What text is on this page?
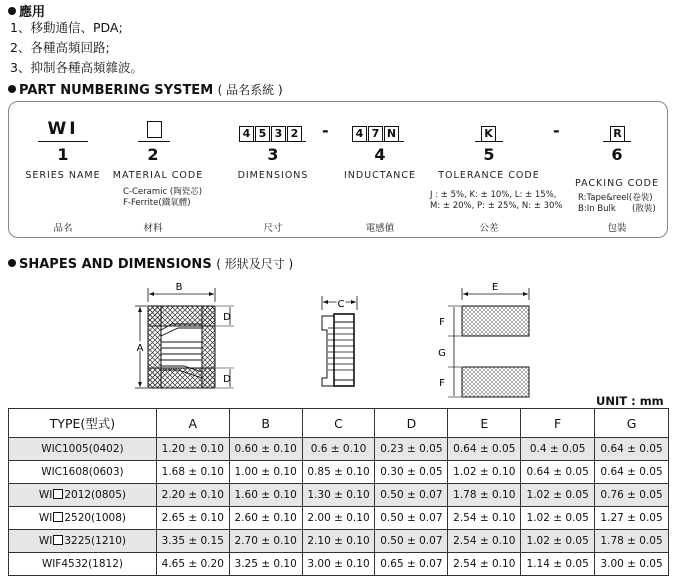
應用
1、移動通信、PDA;
2、各種高頻回路;
3、抑制各種高頻雜波。
PART NUMBERING SYSTEM ( 品名系統 )
WI
1
SERIES NAME
品名
2
MATERIAL CODE
C-Ceramic (陶瓷芯)
F-Ferrite(鐵氧體)
材料
4 5 3 2
3
DIMENSIONS
尺寸
-	4 7 N
4
INDUCTANCE
電感値
K
5
TOLERANCE CODE
J : ± 5%, K: ± 10%, L: ± 15%,
M: ± 20%, P: ± 25%, N: ± 30%
公差
-	R
6
PACKING CODE
R:Tape&reel(卷裝)
B:In Bulk      (散裝)
包裝
SHAPES AND DIMENSIONS ( 形狀及尺寸 )
B
A
D
D
C
E
F
G
F
UNIT : mm
TYPE(型式)	A	B	C	D	E	F	G
WIC1005(0402)	1.20 ± 0.10	0.60 ± 0.10	0.6 ± 0.10	0.23 ± 0.05	0.64 ± 0.05	0.4 ± 0.05	0.64 ± 0.05
WIC1608(0603)	1.68 ± 0.10	1.00 ± 0.10	0.85 ± 0.10	0.30 ± 0.05	1.02 ± 0.10	0.64 ± 0.05	0.64 ± 0.05
WI 2012(0805)	2.20 ± 0.10	1.60 ± 0.10	1.30 ± 0.10	0.50 ± 0.07	1.78 ± 0.10	1.02 ± 0.05	0.76 ± 0.05
WI 2520(1008)	2.65 ± 0.10	2.60 ± 0.10	2.00 ± 0.10	0.50 ± 0.07	2.54 ± 0.10	1.02 ± 0.05	1.27 ± 0.05
WI 3225(1210)	3.35 ± 0.15	2.70 ± 0.10	2.10 ± 0.10	0.50 ± 0.07	2.54 ± 0.10	1.02 ± 0.05	1.78 ± 0.05
WIF4532(1812)	4.65 ± 0.20	3.25 ± 0.10	3.00 ± 0.10	0.65 ± 0.07	2.54 ± 0.10	1.14 ± 0.05	3.00 ± 0.05
